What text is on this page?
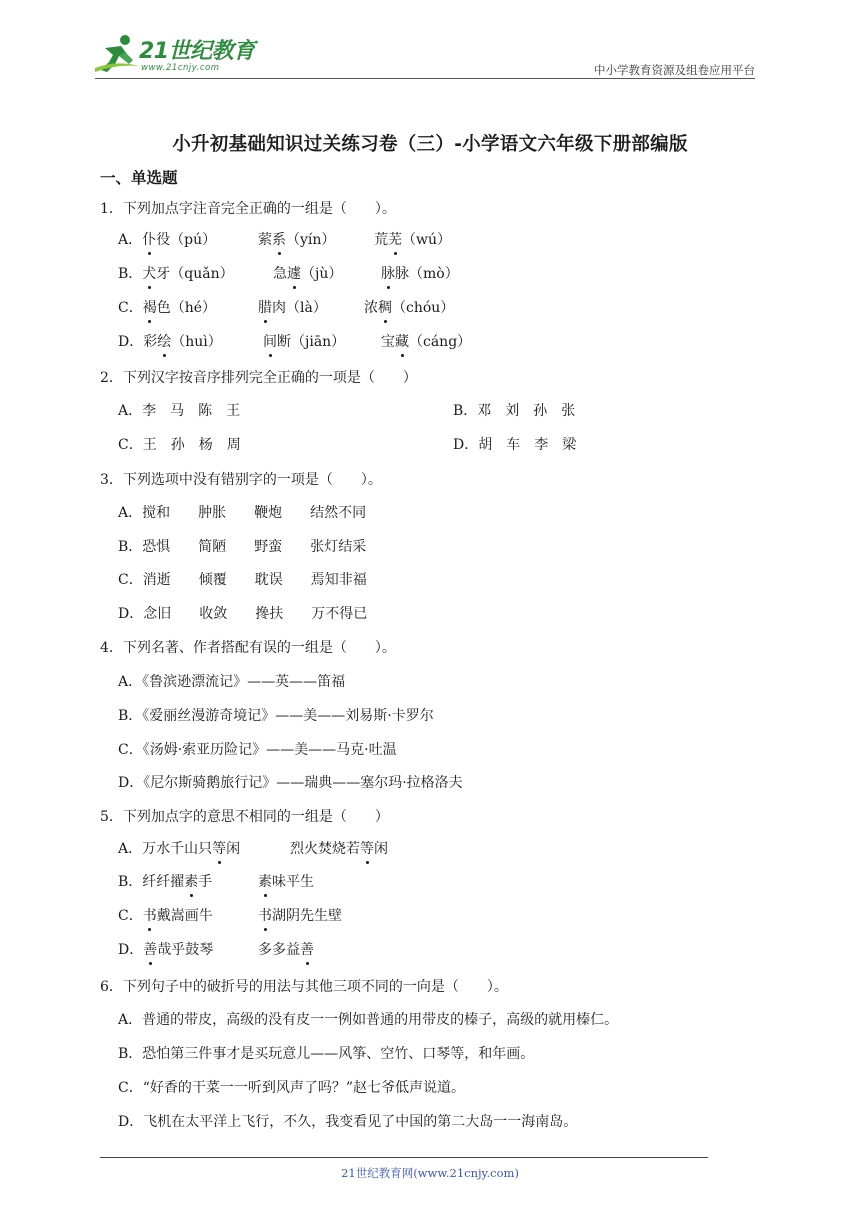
21世纪教育
www.21cnjy.com	中小学教育资源及组卷应用平台
小升初基础知识过关练习卷（三）-小学语文六年级下册部编版
一、单选题
1．下列加点字注音完全正确的一组是（　　）。
A．仆役（pú）	萦系（yín）	荒芜（wú）
B．犬牙（quǎn）	急遽（jù）	脉脉（mò）
C．褐色（hé）	腊肉（là）	浓稠（chóu）
D．彩绘（huì）	间断（jiān）	宝藏（cáng）
2．下列汉字按音序排列完全正确的一项是（　　）
A．李　马　陈　王	B．邓　刘　孙　张
C．王　孙　杨　周	D．胡　车　李　梁
3．下列选项中没有错别字的一项是（　　）。
A．搅和　　肿胀　　鞭炮　　结然不同
B．恐惧　　简陋　　野蛮　　张灯结采
C．消逝　　倾覆　　耽误　　焉知非福
D．念旧　　收敛　　搀扶　　万不得已
4．下列名著、作者搭配有误的一组是（　　）。
A．《鲁滨逊漂流记》——英——笛福
B．《爱丽丝漫游奇境记》——美——刘易斯·卡罗尔
C．《汤姆·索亚历险记》——美——马克·吐温
D．《尼尔斯骑鹅旅行记》——瑞典——塞尔玛·拉格洛夫
5．下列加点字的意思不相同的一组是（　　）
A．万水千山只等闲	烈火焚烧若等闲
B．纤纤擢素手	素味平生
C．书戴嵩画牛	书湖阴先生壁
D．善哉乎鼓琴	多多益善
6．下列句子中的破折号的用法与其他三项不同的一向是（　　）。
A．普通的带皮，高级的没有皮一一例如普通的用带皮的榛子，高级的就用榛仁。
B．恐怕第三件事才是买玩意儿——风筝、空竹、口琴等，和年画。
C．“好香的干菜一一听到风声了吗？”赵七爷低声说道。
D．飞机在太平洋上飞行，不久，我变看见了中国的第二大岛一一海南岛。
21世纪教育网(www.21cnjy.com)
